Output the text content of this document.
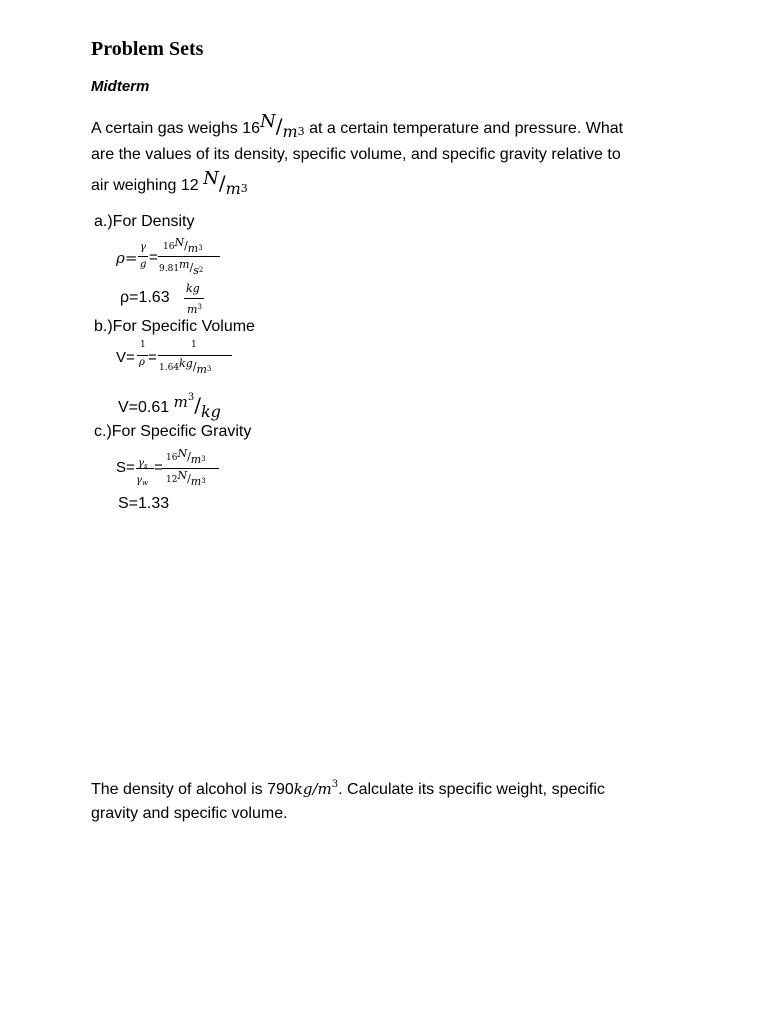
Problem Sets
Midterm
A certain gas weighs 16N/m3 at a certain temperature and pressure. What
are the values of its density, specific volume, and specific gravity relative to
air weighing 12 N/m3
a.)For Density
ρ=
γ
g =
16N/m3
9.81m/s2
ρ=1.63
kg
$m^3$
b.)For Specific Volume
V=
1
ρ =
1
1.64kg/m3
V=0.61 $m^3/kg$
c.)For Specific Gravity
S= γs
γw
=
16N/m3
12N/m3
S=1.33
The density of alcohol is $790kg/m^3$. Calculate its specific weight, specific
gravity and specific volume.
